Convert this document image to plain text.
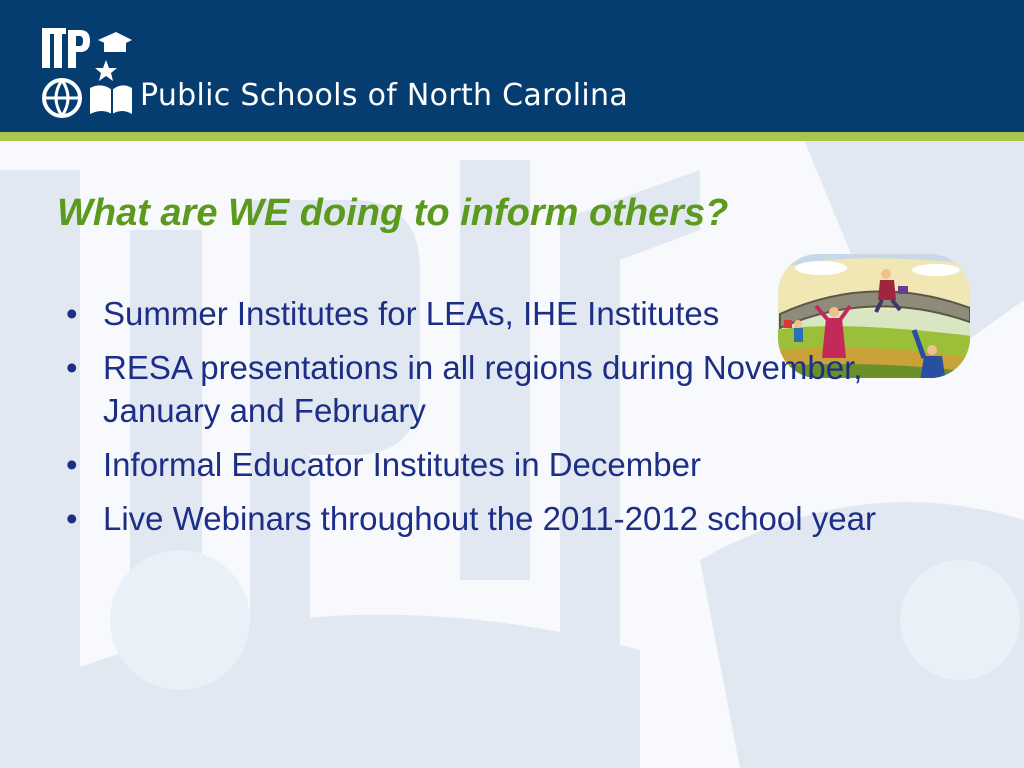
Public Schools of North Carolina
What are WE doing to inform others?
• Summer Institutes for LEAs, IHE Institutes
• RESA presentations in all regions during November, January and February
• Informal Educator Institutes in December
• Live Webinars throughout the 2011-2012 school year
